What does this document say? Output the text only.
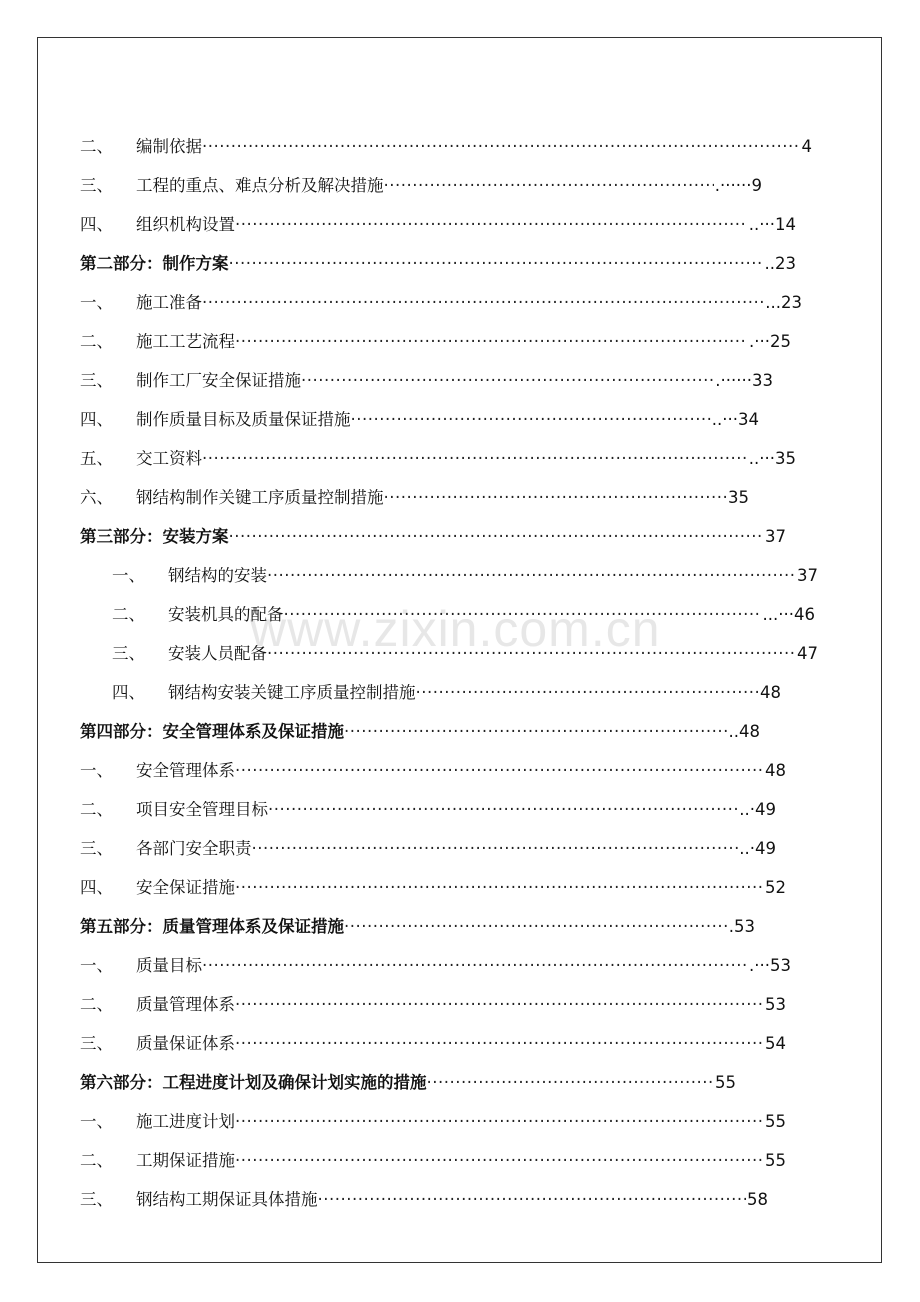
www.zixin.com.cn
二、 编制依据 ·····	4
三、 工程的重点、难点分析及解决措施 ·····	.······9
四、 组织机构设置 ·····	..···14
第二部分：制作方案 ·····	..23
一、 施工准备 ·····	...23
二、 施工工艺流程 ·····	.···25
三、 制作工厂安全保证措施 ·····	.······33
四、 制作质量目标及质量保证措施 ·····	..···34
五、 交工资料 ·····	..···35
六、 钢结构制作关键工序质量控制措施 ·····	35
第三部分：安装方案 ·····	37
一、 钢结构的安装 ·····	37
二、 安装机具的配备 ·····	...···46
三、 安装人员配备 ·····	47
四、 钢结构安装关键工序质量控制措施 ·····	48
第四部分：安全管理体系及保证措施 ·····	..48
一、 安全管理体系 ·····	48
二、 项目安全管理目标 ·····	..·49
三、 各部门安全职责 ·····	..·49
四、 安全保证措施 ·····	52
第五部分：质量管理体系及保证措施 ·····	.53
一、 质量目标 ·····	.···53
二、 质量管理体系 ·····	53
三、 质量保证体系 ·····	54
第六部分：工程进度计划及确保计划实施的措施 ·····	55
一、 施工进度计划 ·····	55
二、 工期保证措施 ·····	55
三、 钢结构工期保证具体措施 ·····	58
